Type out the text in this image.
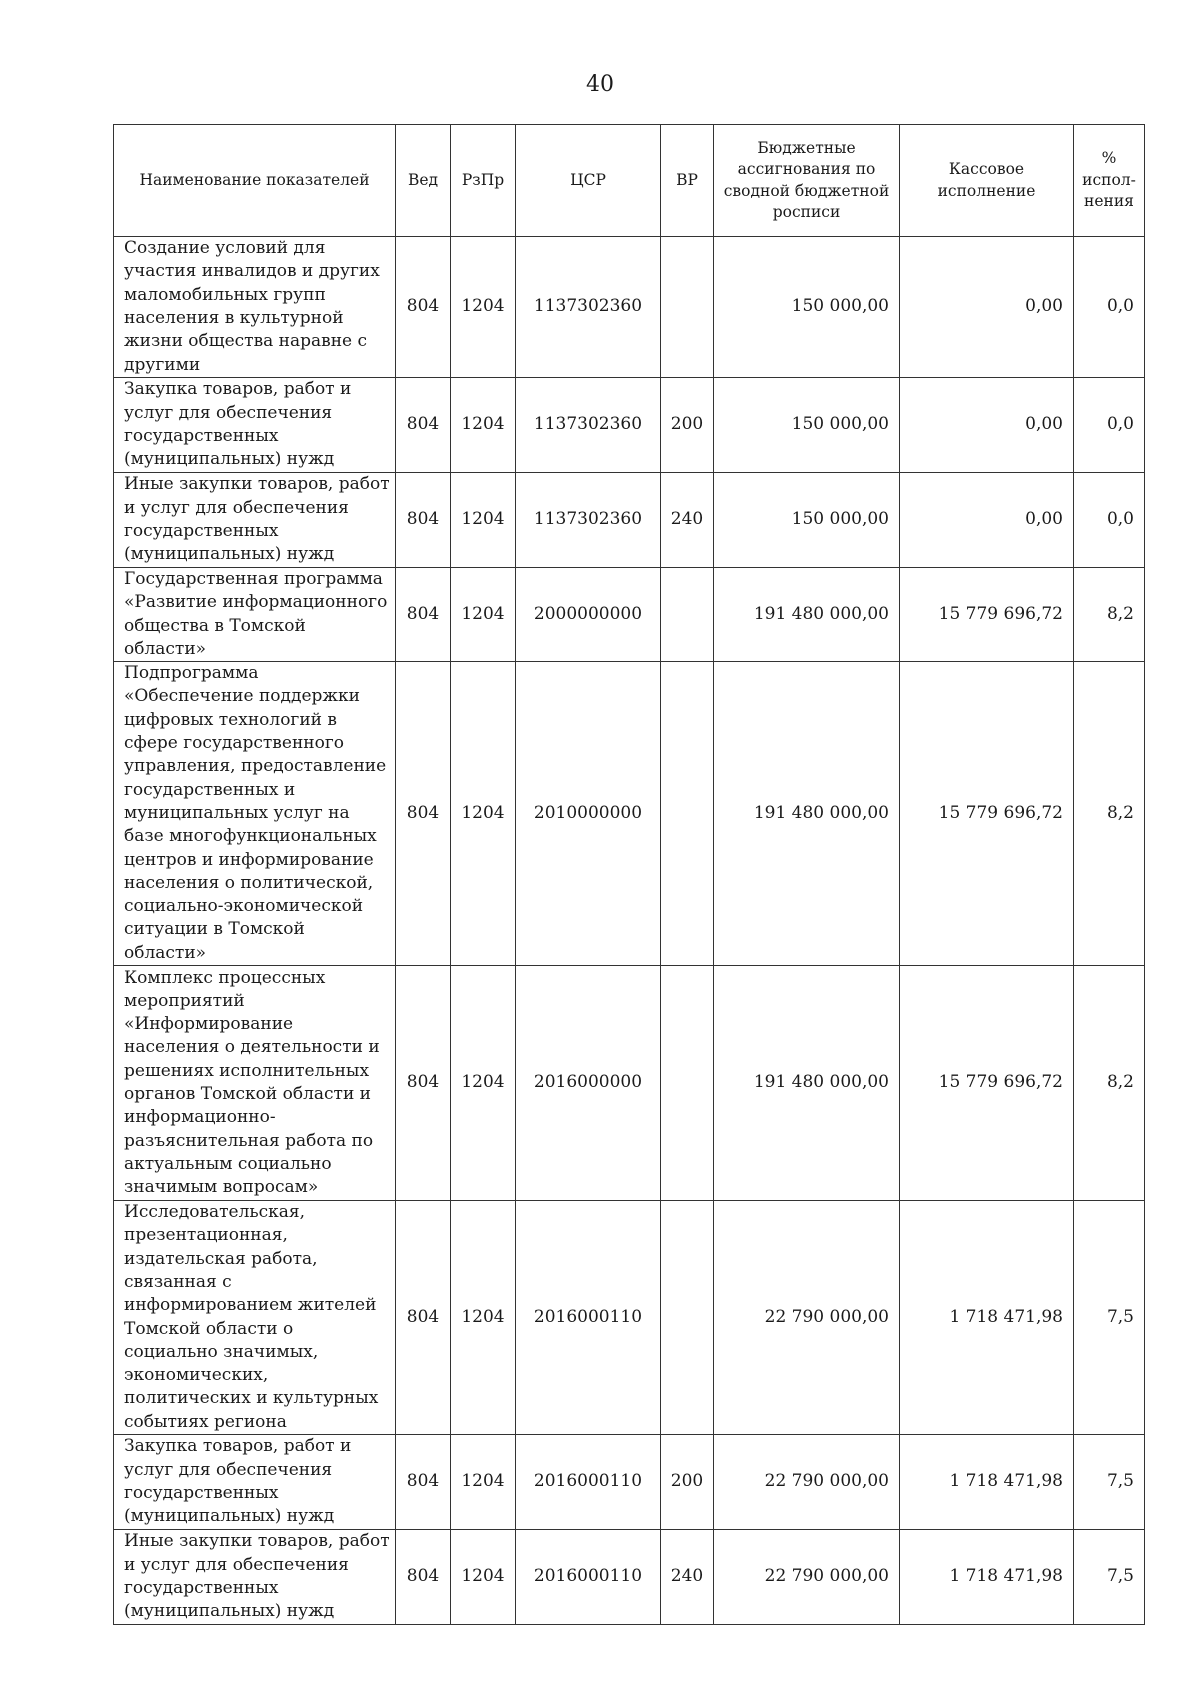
40
Наименование показателей	Вед	РзПр	ЦСР	ВР	Бюджетные ассигнования по сводной бюджетной росписи	Кассовое исполнение	% испол-нения
Создание условий для участия инвалидов и других маломобильных групп населения в культурной жизни общества наравне с другими	804	1204	1137302360		150 000,00	0,00	0,0
Закупка товаров, работ и услуг для обеспечения государственных (муниципальных) нужд	804	1204	1137302360	200	150 000,00	0,00	0,0
Иные закупки товаров, работ и услуг для обеспечения государственных (муниципальных) нужд	804	1204	1137302360	240	150 000,00	0,00	0,0
Государственная программа «Развитие информационного общества в Томской области»	804	1204	2000000000		191 480 000,00	15 779 696,72	8,2
Подпрограмма «Обеспечение поддержки цифровых технологий в сфере государственного управления, предоставление государственных и муниципальных услуг на базе многофункциональных центров и информирование населения о политической, социально-экономической ситуации в Томской области»	804	1204	2010000000		191 480 000,00	15 779 696,72	8,2
Комплекс процессных мероприятий «Информирование населения о деятельности и решениях исполнительных органов Томской области и информационно-разъяснительная работа по актуальным социально значимым вопросам»	804	1204	2016000000		191 480 000,00	15 779 696,72	8,2
Исследовательская, презентационная, издательская работа, связанная с информированием жителей Томской области о социально значимых, экономических, политических и культурных событиях региона	804	1204	2016000110		22 790 000,00	1 718 471,98	7,5
Закупка товаров, работ и услуг для обеспечения государственных (муниципальных) нужд	804	1204	2016000110	200	22 790 000,00	1 718 471,98	7,5
Иные закупки товаров, работ и услуг для обеспечения государственных (муниципальных) нужд	804	1204	2016000110	240	22 790 000,00	1 718 471,98	7,5
